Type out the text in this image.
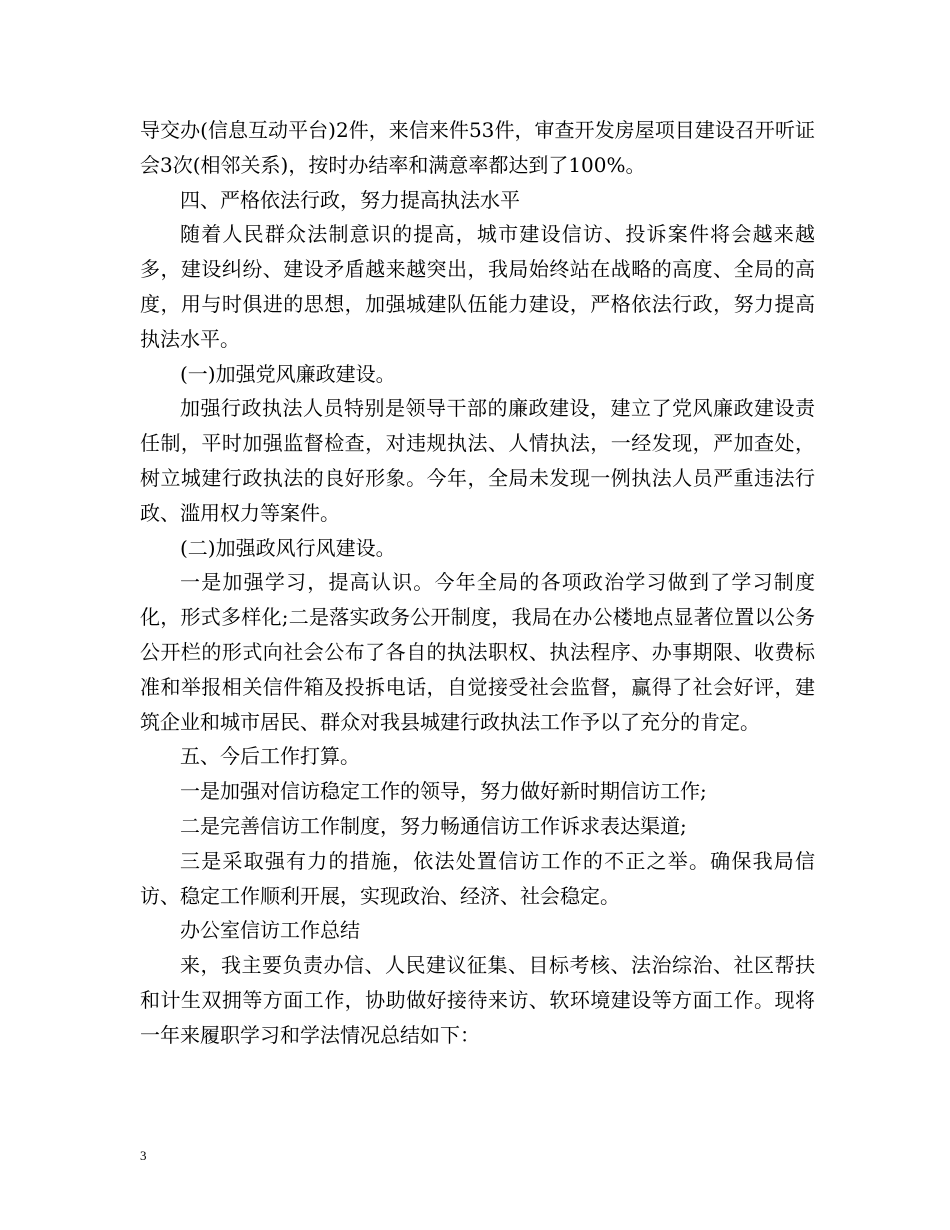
导交办(信息互动平台)2件，来信来件53件，审查开发房屋项目建设召开听证会3次(相邻关系)，按时办结率和满意率都达到了100%。

四、严格依法行政，努力提高执法水平

随着人民群众法制意识的提高，城市建设信访、投诉案件将会越来越多，建设纠纷、建设矛盾越来越突出，我局始终站在战略的高度、全局的高度，用与时俱进的思想，加强城建队伍能力建设，严格依法行政，努力提高执法水平。

(一)加强党风廉政建设。

加强行政执法人员特别是领导干部的廉政建设，建立了党风廉政建设责任制，平时加强监督检查，对违规执法、人情执法，一经发现，严加查处，树立城建行政执法的良好形象。今年，全局未发现一例执法人员严重违法行政、滥用权力等案件。

(二)加强政风行风建设。

一是加强学习，提高认识。今年全局的各项政治学习做到了学习制度化，形式多样化;二是落实政务公开制度，我局在办公楼地点显著位置以公务公开栏的形式向社会公布了各自的执法职权、执法程序、办事期限、收费标准和举报相关信件箱及投拆电话，自觉接受社会监督，赢得了社会好评，建筑企业和城市居民、群众对我县城建行政执法工作予以了充分的肯定。

五、今后工作打算。

一是加强对信访稳定工作的领导，努力做好新时期信访工作;

二是完善信访工作制度，努力畅通信访工作诉求表达渠道;

三是采取强有力的措施，依法处置信访工作的不正之举。确保我局信访、稳定工作顺利开展，实现政治、经济、社会稳定。

办公室信访工作总结

来，我主要负责办信、人民建议征集、目标考核、法治综治、社区帮扶和计生双拥等方面工作，协助做好接待来访、软环境建设等方面工作。现将一年来履职学习和学法情况总结如下：

3
